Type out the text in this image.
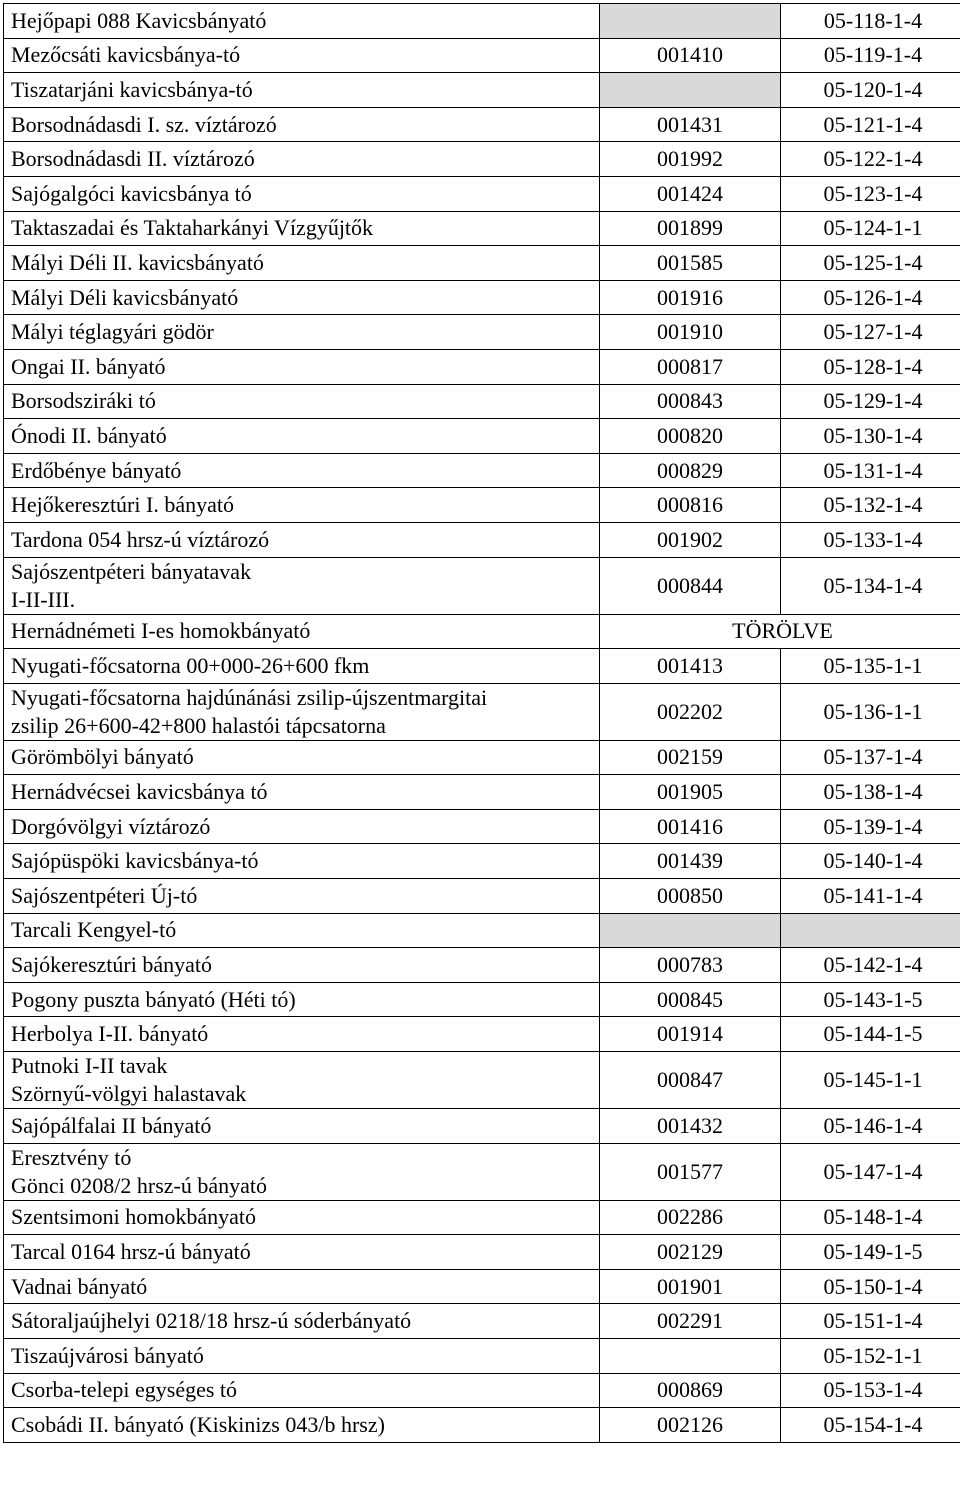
Hejőpapi 088 Kavicsbányató		05-118-1-4

Mezőcsáti kavicsbánya-tó	001410	05-119-1-4

Tiszatarjáni kavicsbánya-tó		05-120-1-4

Borsodnádasdi I. sz. víztározó	001431	05-121-1-4

Borsodnádasdi II. víztározó	001992	05-122-1-4

Sajógalgóci kavicsbánya tó	001424	05-123-1-4

Taktaszadai és Taktaharkányi Vízgyűjtők	001899	05-124-1-1

Mályi Déli II. kavicsbányató	001585	05-125-1-4

Mályi Déli kavicsbányató	001916	05-126-1-4

Mályi téglagyári gödör	001910	05-127-1-4

Ongai II. bányató	000817	05-128-1-4

Borsodsziráki tó	000843	05-129-1-4

Ónodi II. bányató	000820	05-130-1-4

Erdőbénye bányató	000829	05-131-1-4

Hejőkeresztúri I. bányató	000816	05-132-1-4

Tardona 054 hrsz-ú víztározó	001902	05-133-1-4

Sajószentpéteri bányatavak
I-II-III.	000844	05-134-1-4

Hernádnémeti I-es homokbányató	TÖRÖLVE	

Nyugati-főcsatorna 00+000-26+600 fkm	001413	05-135-1-1

Nyugati-főcsatorna hajdúnánási zsilip-újszentmargitai
zsilip 26+600-42+800 halastói tápcsatorna	002202	05-136-1-1

Görömbölyi bányató	002159	05-137-1-4

Hernádvécsei kavicsbánya tó	001905	05-138-1-4

Dorgóvölgyi víztározó	001416	05-139-1-4

Sajópüspöki kavicsbánya-tó	001439	05-140-1-4

Sajószentpéteri Új-tó	000850	05-141-1-4

Tarcali Kengyel-tó		

Sajókeresztúri bányató	000783	05-142-1-4

Pogony puszta bányató (Héti tó)	000845	05-143-1-5

Herbolya I-II. bányató	001914	05-144-1-5

Putnoki I-II tavak
Szörnyű-völgyi halastavak	000847	05-145-1-1

Sajópálfalai II bányató	001432	05-146-1-4

Eresztvény tó
Gönci 0208/2 hrsz-ú bányató	001577	05-147-1-4

Szentsimoni homokbányató	002286	05-148-1-4

Tarcal 0164 hrsz-ú bányató	002129	05-149-1-5

Vadnai bányató	001901	05-150-1-4

Sátoraljaújhelyi 0218/18 hrsz-ú sóderbányató	002291	05-151-1-4

Tiszaújvárosi bányató		05-152-1-1

Csorba-telepi egységes tó	000869	05-153-1-4

Csobádi II. bányató (Kiskinizs 043/b hrsz)	002126	05-154-1-4
